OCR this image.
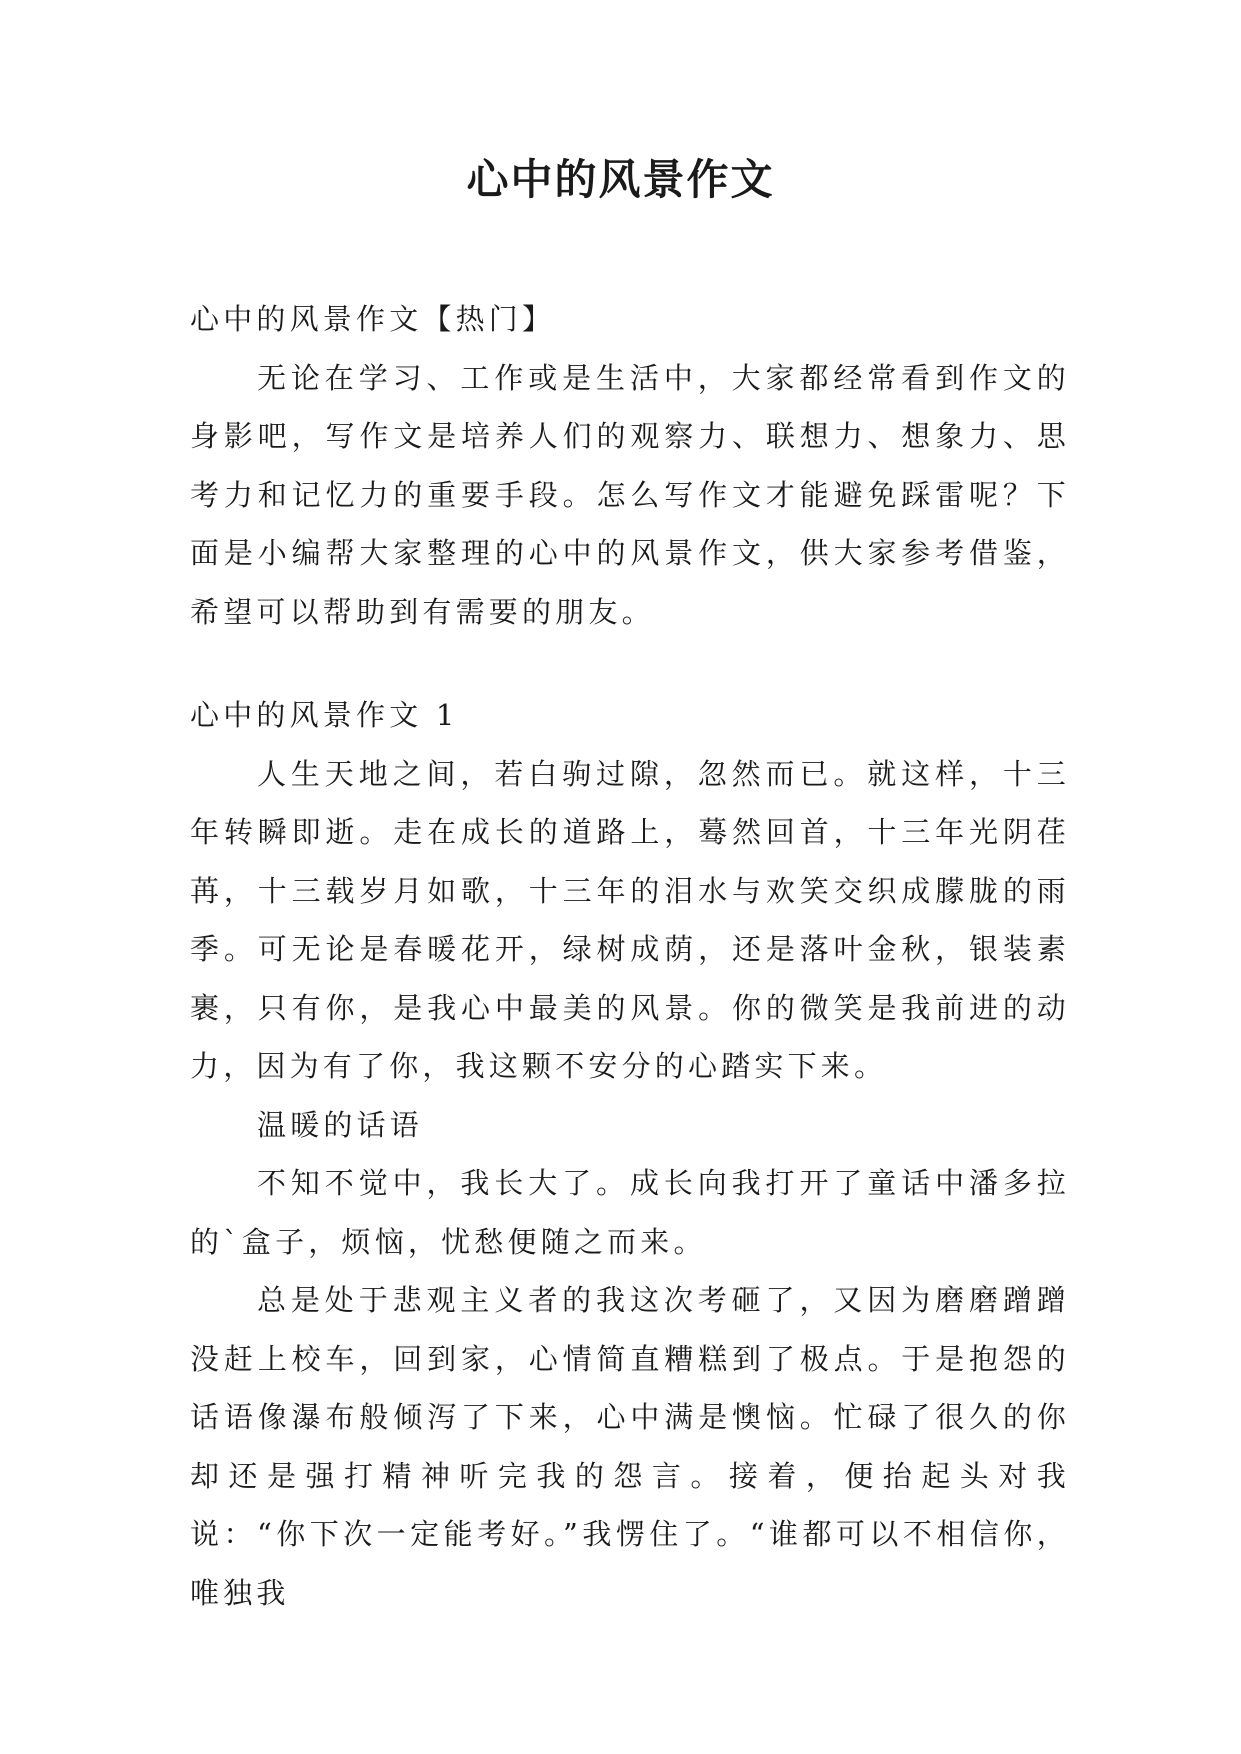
心中的风景作文

心中的风景作文【热门】

无论在学习、工作或是生活中，大家都经常看到作文的身影吧，写作文是培养人们的观察力、联想力、想象力、思考力和记忆力的重要手段。怎么写作文才能避免踩雷呢？下面是小编帮大家整理的心中的风景作文，供大家参考借鉴，希望可以帮助到有需要的朋友。

心中的风景作文 1

人生天地之间，若白驹过隙，忽然而已。就这样，十三年转瞬即逝。走在成长的道路上，蓦然回首，十三年光阴荏苒，十三载岁月如歌，十三年的泪水与欢笑交织成朦胧的雨季。可无论是春暖花开，绿树成荫，还是落叶金秋，银装素裹，只有你，是我心中最美的风景。你的微笑是我前进的动力，因为有了你，我这颗不安分的心踏实下来。

温暖的话语

不知不觉中，我长大了。成长向我打开了童话中潘多拉的`盒子，烦恼，忧愁便随之而来。

总是处于悲观主义者的我这次考砸了，又因为磨磨蹭蹭没赶上校车，回到家，心情简直糟糕到了极点。于是抱怨的话语像瀑布般倾泻了下来，心中满是懊恼。忙碌了很久的你却还是强打精神听完我的怨言。接着，便抬起头对我说：“你下次一定能考好。”我愣住了。“谁都可以不相信你，唯独我
